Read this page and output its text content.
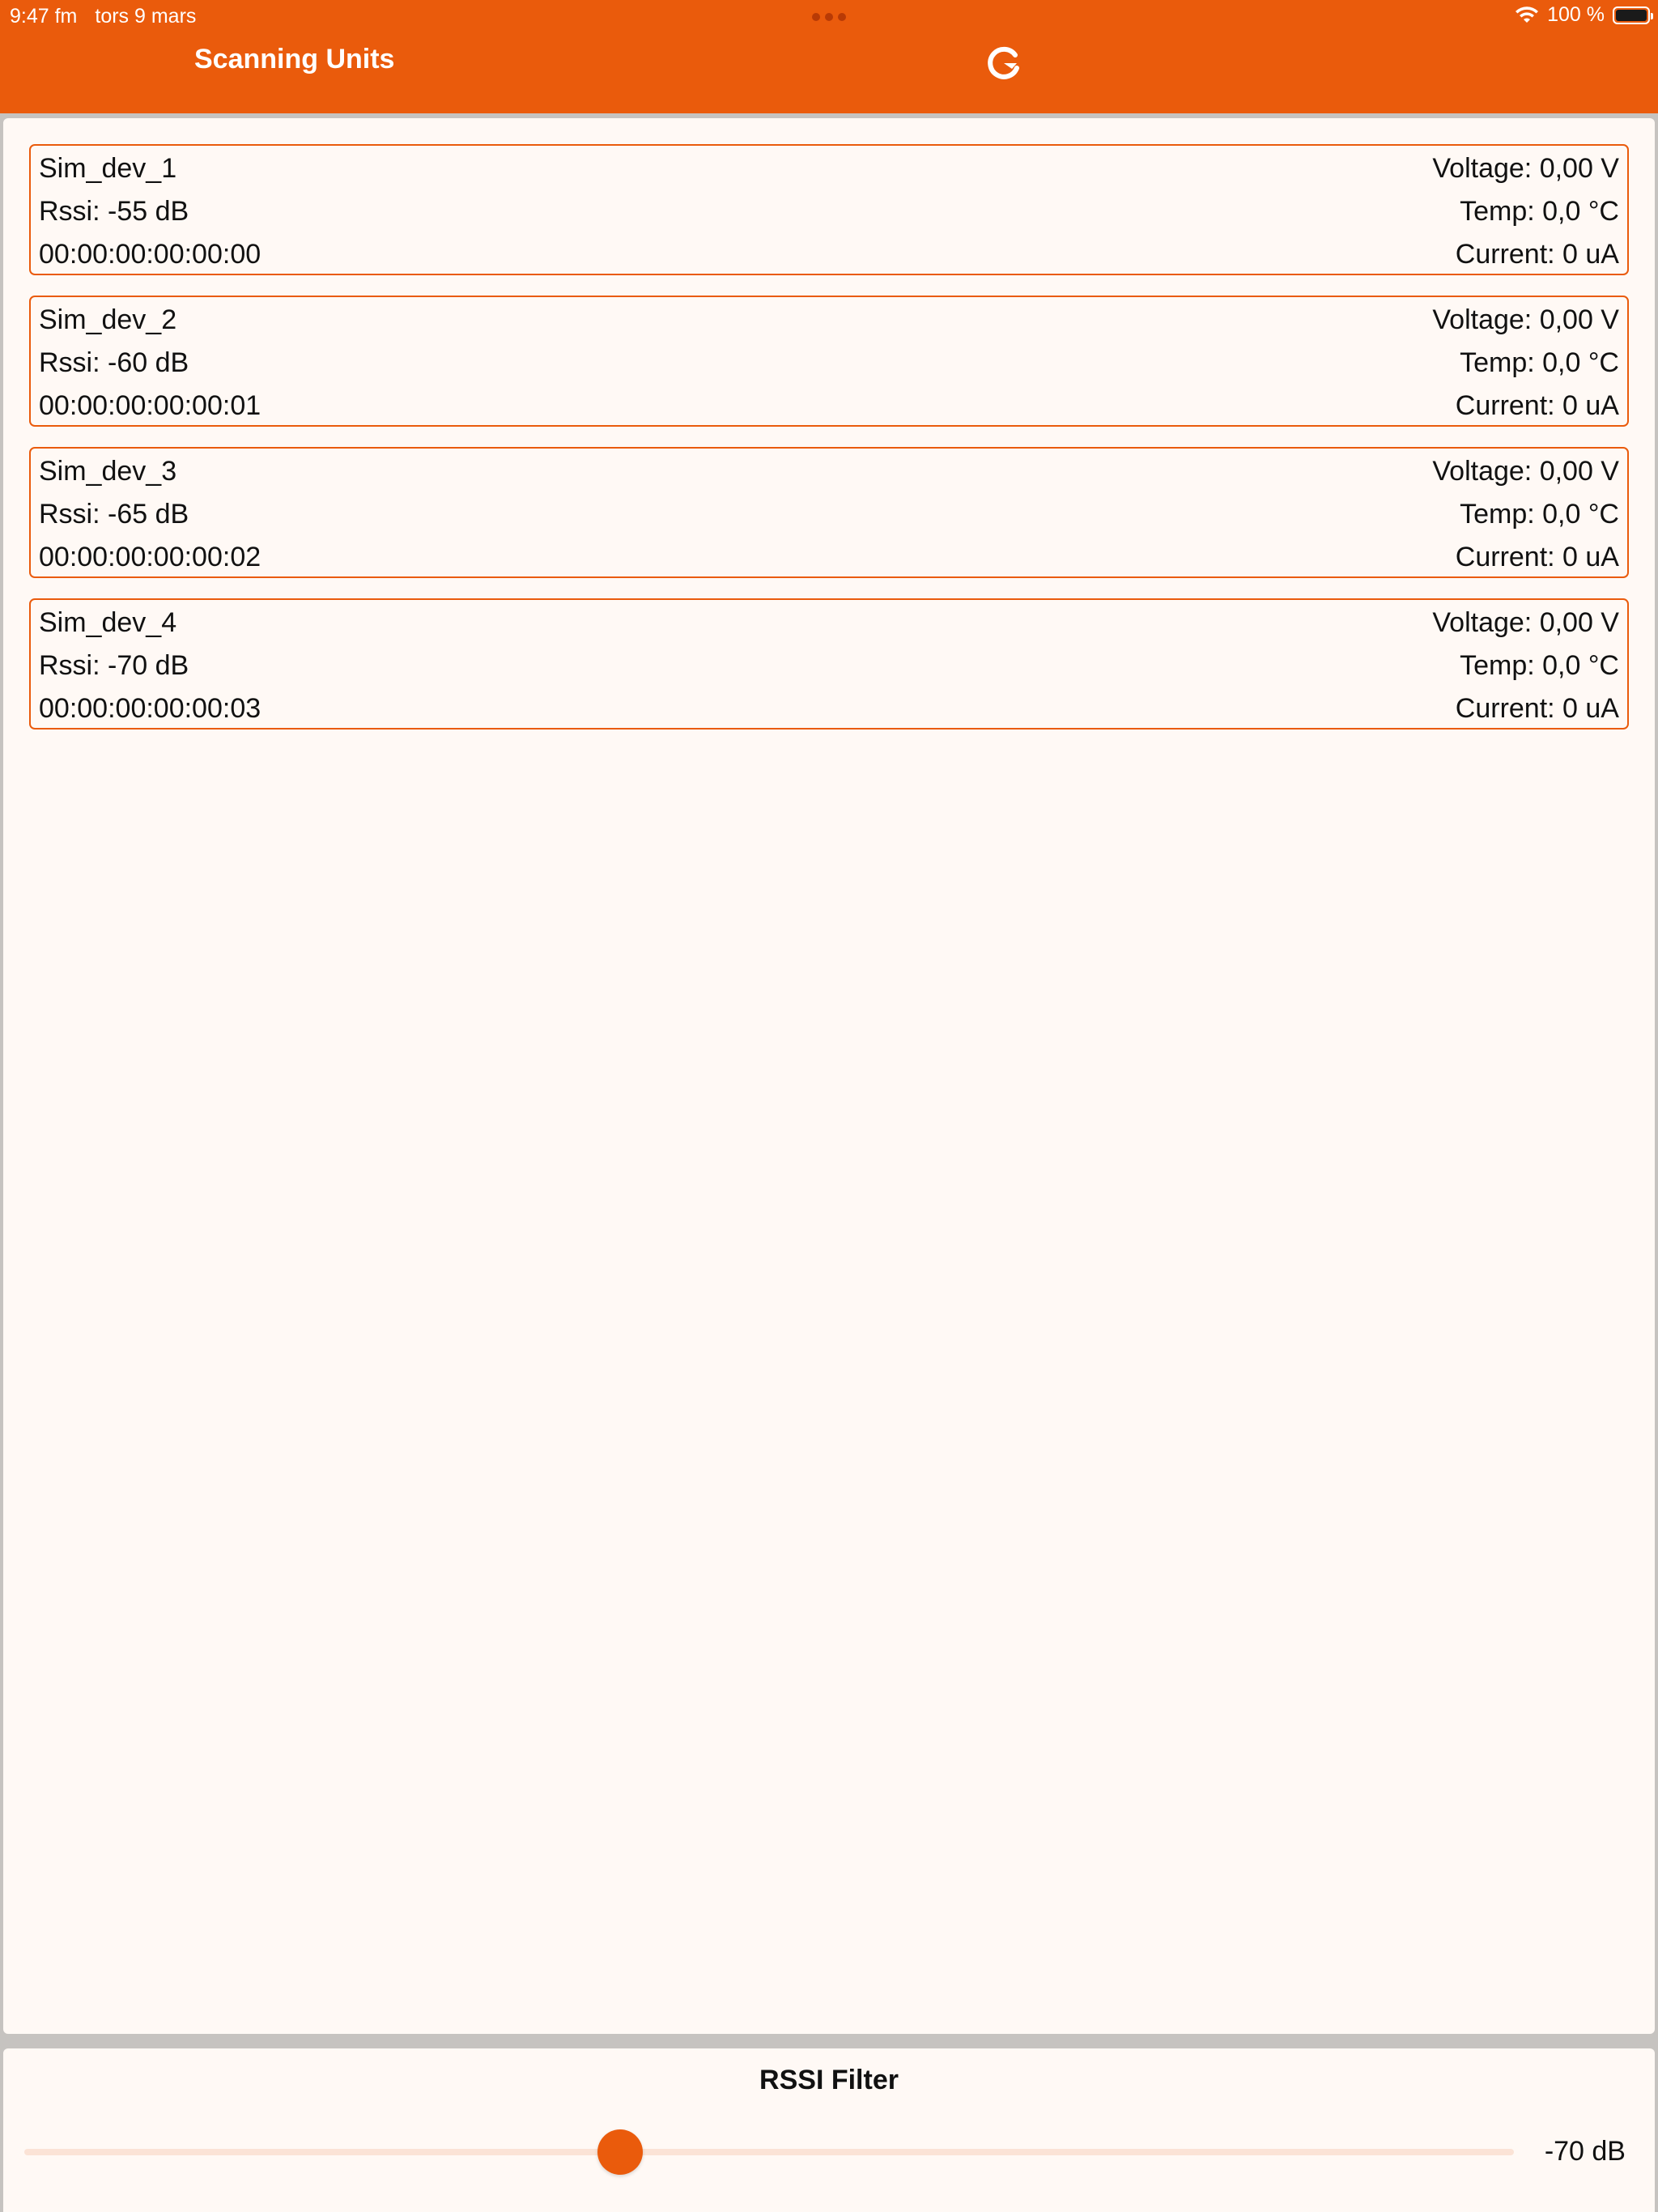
9:47 fm tors 9 mars	100 %
Scanning Units
Sim_dev_1
Rssi: -55 dB
00:00:00:00:00:00
Voltage: 0,00 V
Temp: 0,0 °C
Current: 0 uA
Sim_dev_2
Rssi: -60 dB
00:00:00:00:00:01
Voltage: 0,00 V
Temp: 0,0 °C
Current: 0 uA
Sim_dev_3
Rssi: -65 dB
00:00:00:00:00:02
Voltage: 0,00 V
Temp: 0,0 °C
Current: 0 uA
Sim_dev_4
Rssi: -70 dB
00:00:00:00:00:03
Voltage: 0,00 V
Temp: 0,0 °C
Current: 0 uA
RSSI Filter
-70 dB
